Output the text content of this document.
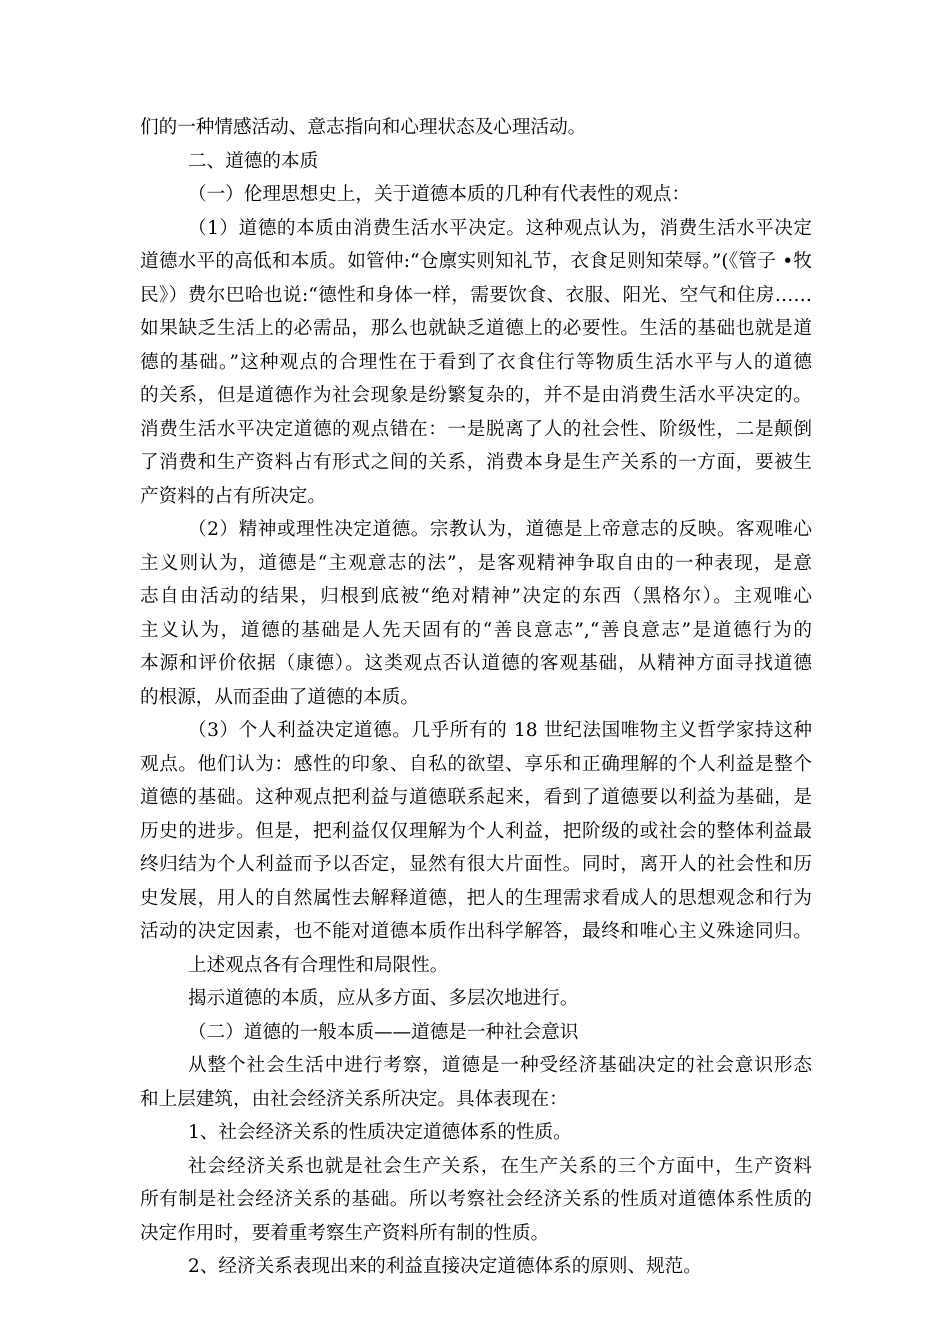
们的一种情感活动、意志指向和心理状态及心理活动。
二、道德的本质
（一）伦理思想史上，关于道德本质的几种有代表性的观点：
（1）道德的本质由消费生活水平决定。这种观点认为，消费生活水平决定
道德水平的高低和本质。如管仲:“仓廪实则知礼节，衣食足则知荣辱。”(《管子 •牧
民》）费尔巴哈也说:“德性和身体一样，需要饮食、衣服、阳光、空气和住房……
如果缺乏生活上的必需品，那么也就缺乏道德上的必要性。生活的基础也就是道
德的基础。”这种观点的合理性在于看到了衣食住行等物质生活水平与人的道德
的关系，但是道德作为社会现象是纷繁复杂的，并不是由消费生活水平决定的。
消费生活水平决定道德的观点错在：一是脱离了人的社会性、阶级性，二是颠倒
了消费和生产资料占有形式之间的关系，消费本身是生产关系的一方面，要被生
产资料的占有所决定。
（2）精神或理性决定道德。宗教认为，道德是上帝意志的反映。客观唯心
主义则认为，道德是“主观意志的法”，是客观精神争取自由的一种表现，是意
志自由活动的结果，归根到底被“绝对精神”决定的东西（黑格尔）。主观唯心
主义认为，道德的基础是人先天固有的“善良意志”,“善良意志”是道德行为的
本源和评价依据（康德）。这类观点否认道德的客观基础，从精神方面寻找道德
的根源，从而歪曲了道德的本质。
（3）个人利益决定道德。几乎所有的 18 世纪法国唯物主义哲学家持这种
观点。他们认为：感性的印象、自私的欲望、享乐和正确理解的个人利益是整个
道德的基础。这种观点把利益与道德联系起来，看到了道德要以利益为基础，是
历史的进步。但是，把利益仅仅理解为个人利益，把阶级的或社会的整体利益最
终归结为个人利益而予以否定，显然有很大片面性。同时，离开人的社会性和历
史发展，用人的自然属性去解释道德，把人的生理需求看成人的思想观念和行为
活动的决定因素，也不能对道德本质作出科学解答，最终和唯心主义殊途同归。
上述观点各有合理性和局限性。
揭示道德的本质，应从多方面、多层次地进行。
（二）道德的一般本质——道德是一种社会意识
从整个社会生活中进行考察，道德是一种受经济基础决定的社会意识形态
和上层建筑，由社会经济关系所决定。具体表现在：
1、社会经济关系的性质决定道德体系的性质。
社会经济关系也就是社会生产关系，在生产关系的三个方面中，生产资料
所有制是社会经济关系的基础。所以考察社会经济关系的性质对道德体系性质的
决定作用时，要着重考察生产资料所有制的性质。
2、经济关系表现出来的利益直接决定道德体系的原则、规范。
